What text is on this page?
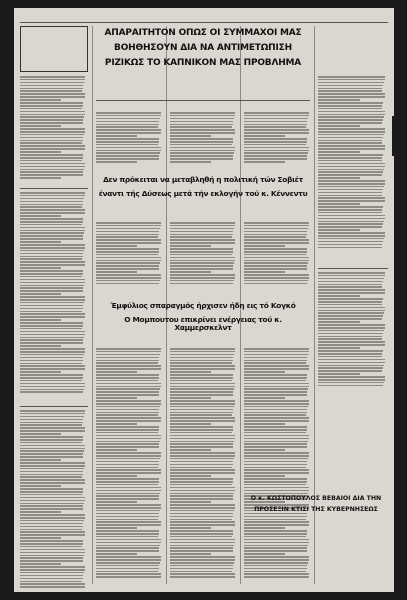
ΑΠΑΡΑΙΤΗΤΟΝ ΟΠΩΣ ΟΙ ΣΥΜΜΑΧΟΙ ΜΑΣ
ΒΟΗΘΗΣΟΥΝ ΔΙΑ ΝΑ ΑΝΤΙΜΕΤΩΠΙΣΗ
ΡΙΖΙΚΩΣ ΤΟ ΚΑΠΝΙΚΟΝ ΜΑΣ ΠΡΟΒΛΗΜΑ
Δεν πρόκειται να μεταβληθή η πολιτική τών Σοβιέτ
έναντι τής Δύσεως μετά τήν εκλογήν τού κ. Κέννεντυ
Έμφύλιος σπαραγμός ήρχισεν ήδη εις τό Κογκό
Ο Μομπουτου επικρίνει ενέργειας τού κ. Χαμμερσκελντ
Ο κ. ΚΩΣΤΟΠΟΥΛΟΣ ΒΕΒΑΙΟΙ ΔΙΑ ΤΗΝ
ΠΡΟΣΕΞΙΝ ΚΤΙΣΙ ΤΗΣ ΚΥΒΕΡΝΗΣΕΩΣ
